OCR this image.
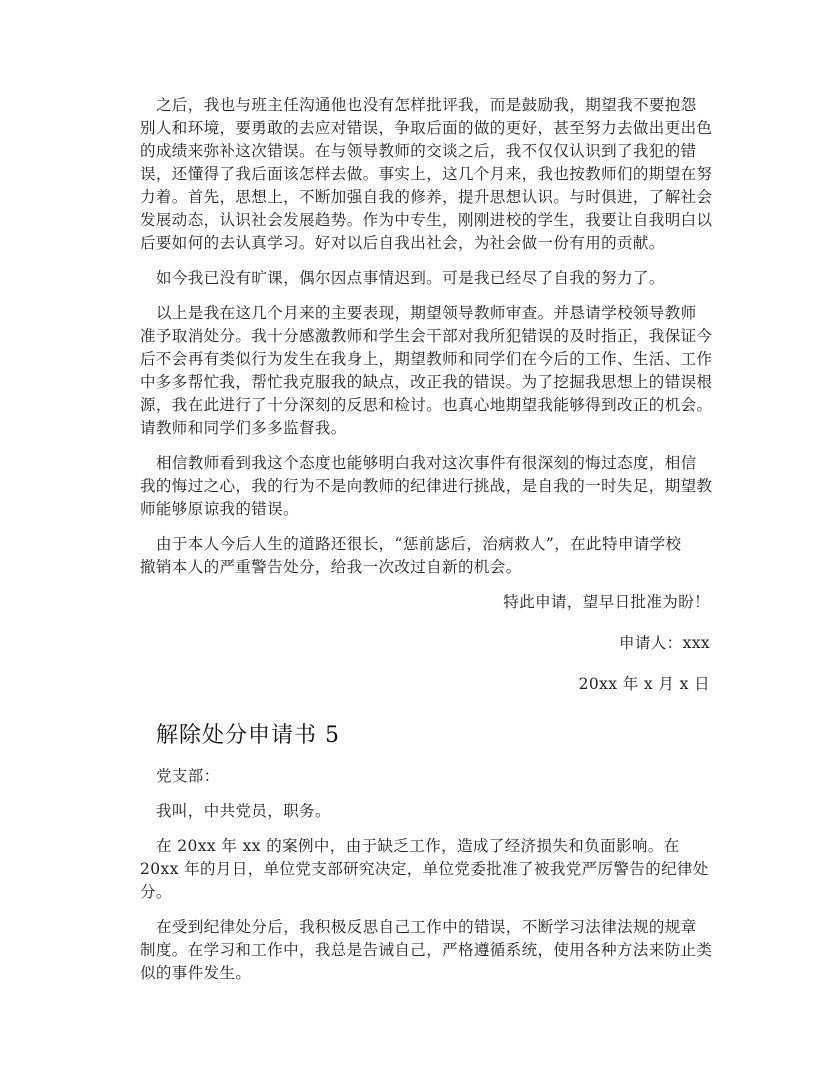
之后，我也与班主任沟通他也没有怎样批评我，而是鼓励我，期望我不要抱怨
别人和环境，要勇敢的去应对错误，争取后面的做的更好，甚至努力去做出更出色
的成绩来弥补这次错误。在与领导教师的交谈之后，我不仅仅认识到了我犯的错
误，还懂得了我后面该怎样去做。事实上，这几个月来，我也按教师们的期望在努
力着。首先，思想上，不断加强自我的修养，提升思想认识。与时俱进，了解社会
发展动态，认识社会发展趋势。作为中专生，刚刚进校的学生，我要让自我明白以
后要如何的去认真学习。好对以后自我出社会，为社会做一份有用的贡献。

如今我已没有旷课，偶尔因点事情迟到。可是我已经尽了自我的努力了。

以上是我在这几个月来的主要表现，期望领导教师审查。并恳请学校领导教师
准予取消处分。我十分感激教师和学生会干部对我所犯错误的及时指正，我保证今
后不会再有类似行为发生在我身上，期望教师和同学们在今后的工作、生活、工作
中多多帮忙我，帮忙我克服我的缺点，改正我的错误。为了挖掘我思想上的错误根
源，我在此进行了十分深刻的反思和检讨。也真心地期望我能够得到改正的机会。
请教师和同学们多多监督我。

相信教师看到我这个态度也能够明白我对这次事件有很深刻的悔过态度，相信
我的悔过之心，我的行为不是向教师的纪律进行挑战，是自我的一时失足，期望教
师能够原谅我的错误。

由于本人今后人生的道路还很长，“惩前毖后，治病救人”，在此特申请学校
撤销本人的严重警告处分，给我一次改过自新的机会。

特此申请，望早日批准为盼！

申请人：xxx

20xx 年 x 月 x 日

解除处分申请书 5

党支部：

我叫，中共党员，职务。

在 20xx 年 xx 的案例中，由于缺乏工作，造成了经济损失和负面影响。在
20xx 年的月日，单位党支部研究决定，单位党委批准了被我党严厉警告的纪律处
分。

在受到纪律处分后，我积极反思自己工作中的错误，不断学习法律法规的规章
制度。在学习和工作中，我总是告诫自己，严格遵循系统，使用各种方法来防止类
似的事件发生。
